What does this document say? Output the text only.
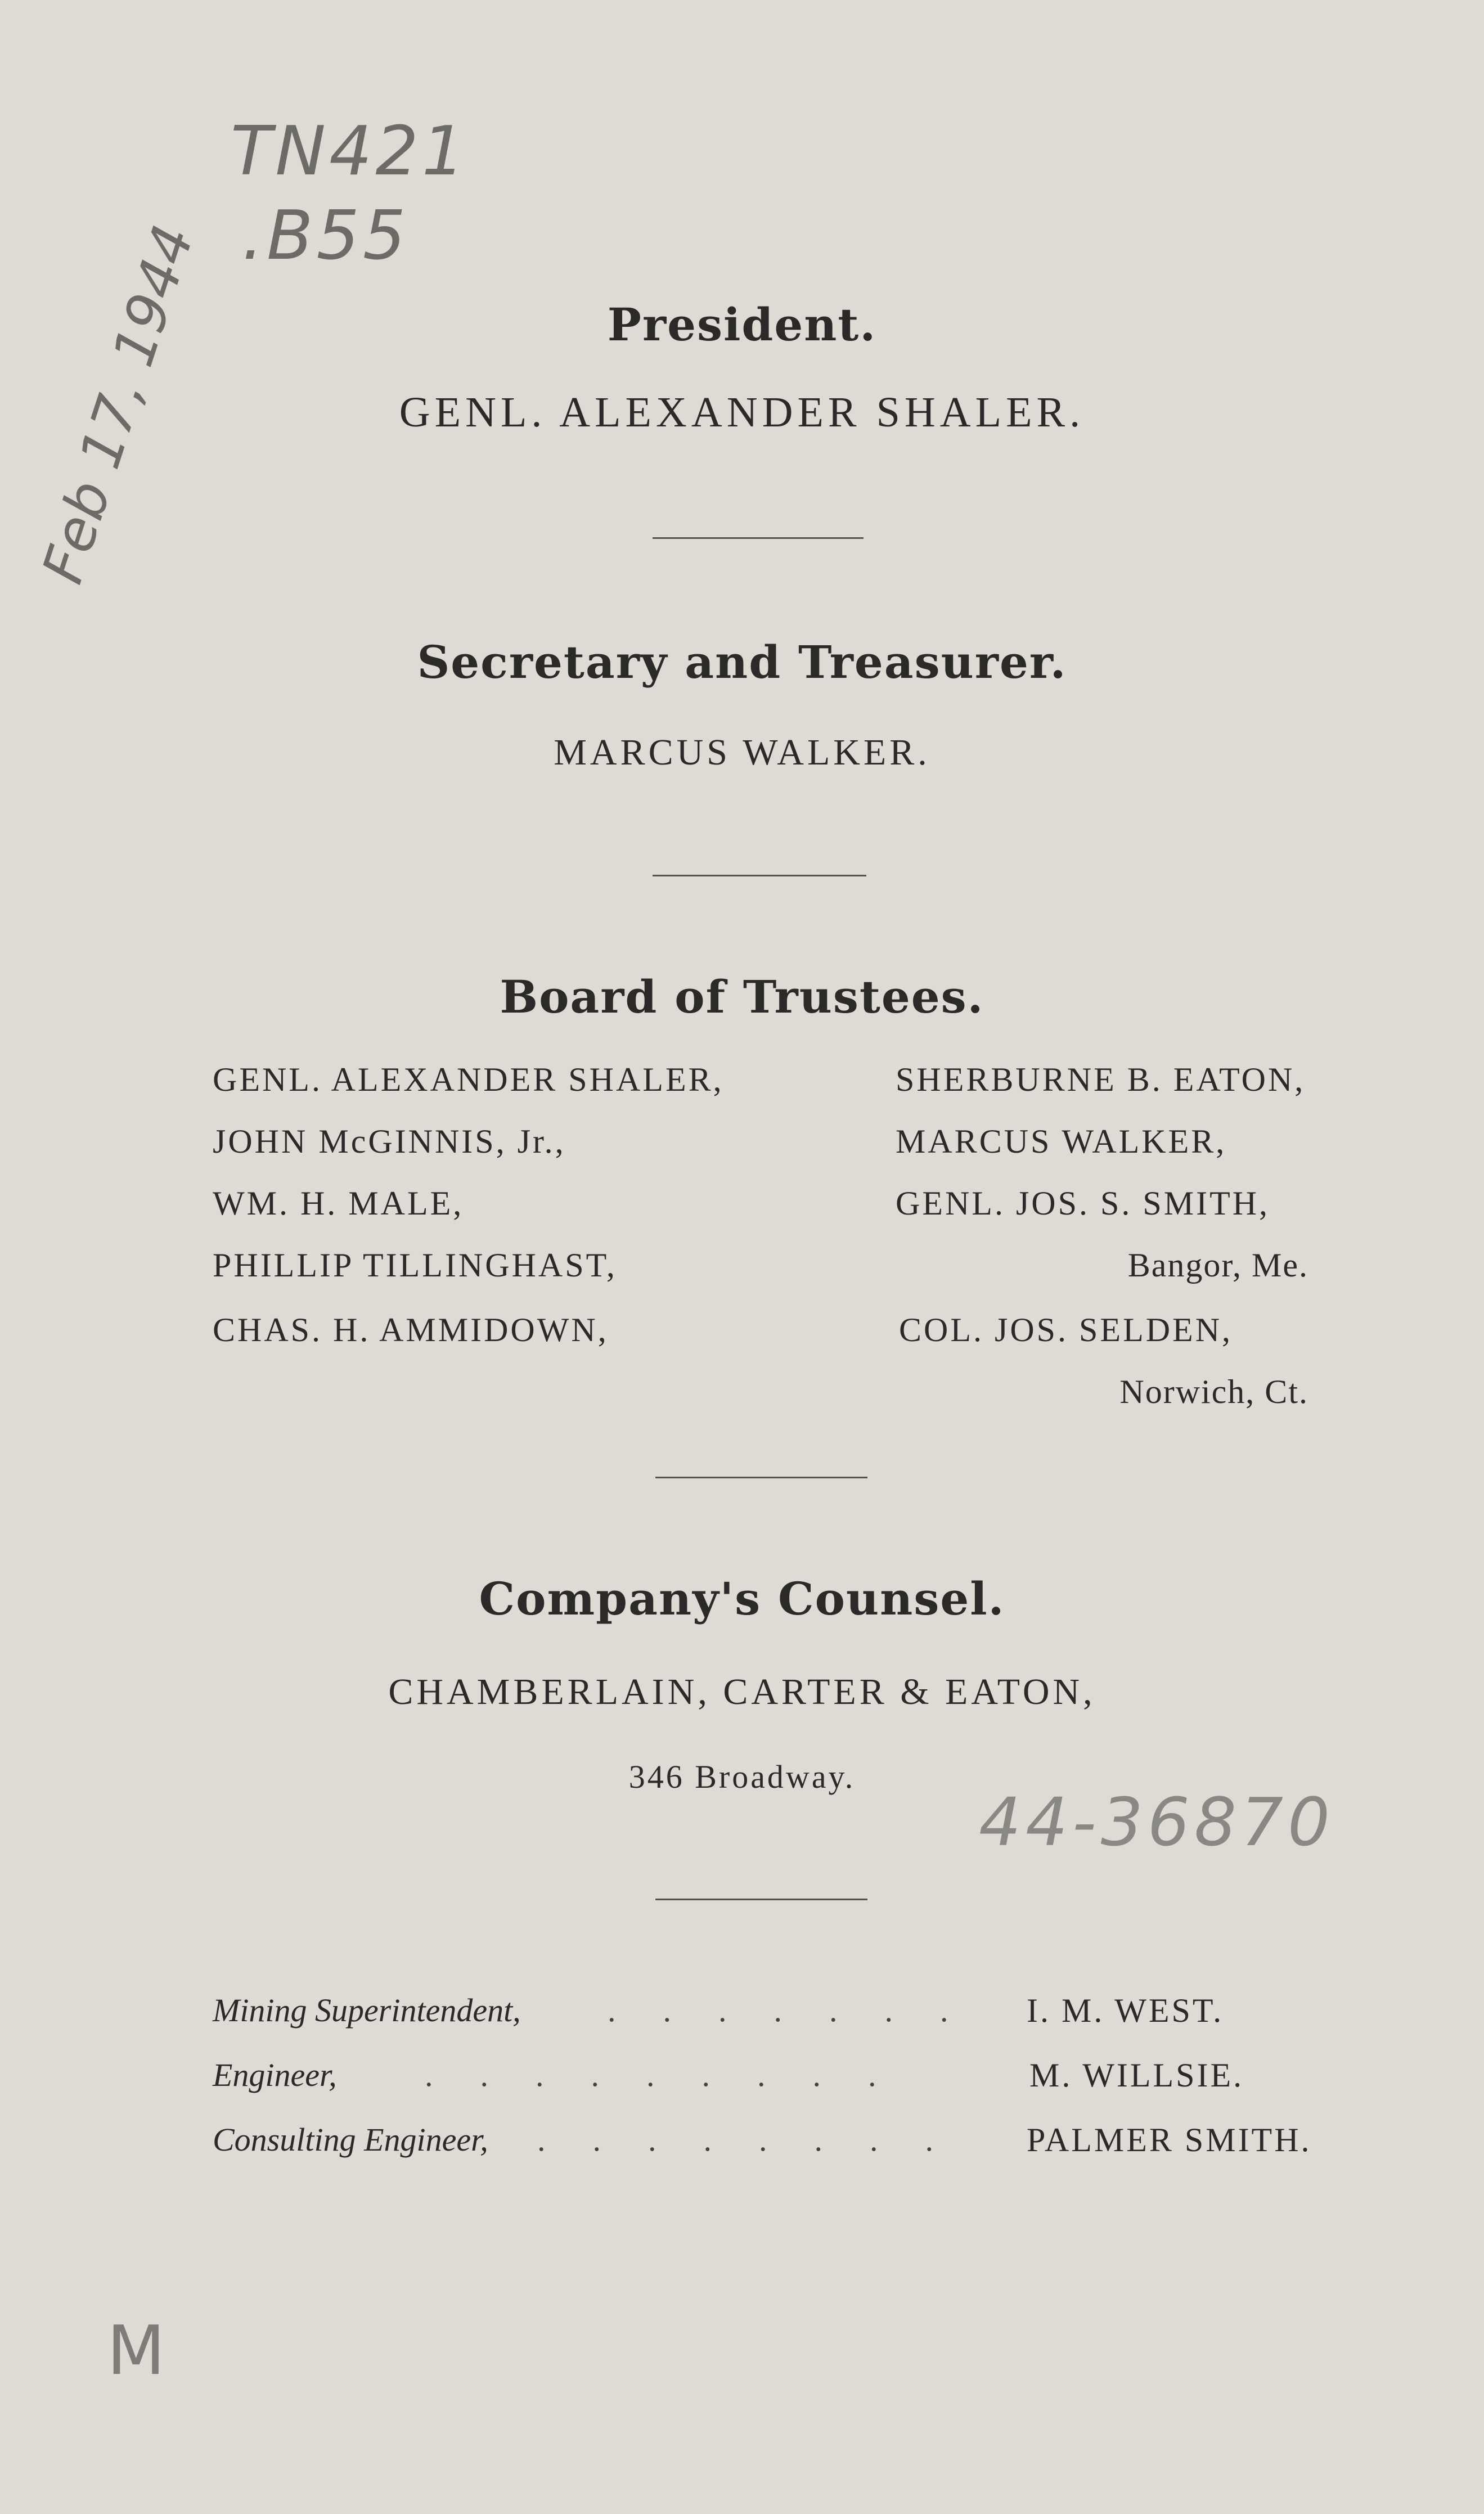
TN421
.B55
Feb 17, 1944
44-36870
M
President.
GENL. ALEXANDER SHALER.
Secretary and Treasurer.
MARCUS WALKER.
Board of Trustees.
GENL. ALEXANDER SHALER,
JOHN McGINNIS, Jr.,
WM. H. MALE,
PHILLIP TILLINGHAST,
CHAS. H. AMMIDOWN,
SHERBURNE B. EATON,
MARCUS WALKER,
GENL. JOS. S. SMITH,
Bangor, Me.
COL. JOS. SELDEN,
Norwich, Ct.
Company's Counsel.
CHAMBERLAIN, CARTER & EATON,
346 Broadway.
Mining Superintendent,	....... I. M. WEST.
Engineer,	.........	M. WILLSIE.
Consulting Engineer, ........ PALMER SMITH.
